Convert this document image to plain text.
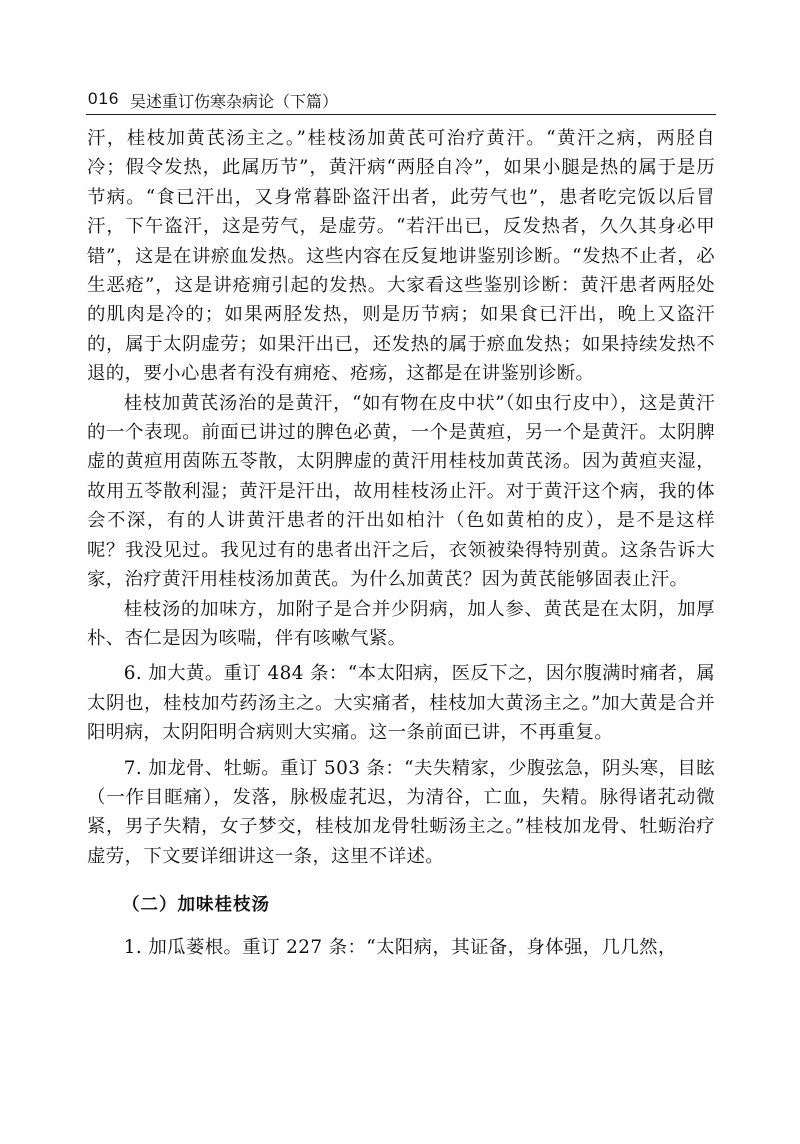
016 吴述重订伤寒杂病论（下篇）

汗，桂枝加黄芪汤主之。”桂枝汤加黄芪可治疗黄汗。“黄汗之病，两胫自冷；假令发热，此属历节”，黄汗病“两胫自冷”，如果小腿是热的属于是历节病。“食已汗出，又身常暮卧盗汗出者，此劳气也”，患者吃完饭以后冒汗，下午盗汗，这是劳气，是虚劳。“若汗出已，反发热者，久久其身必甲错”，这是在讲瘀血发热。这些内容在反复地讲鉴别诊断。“发热不止者，必生恶疮”，这是讲疮痈引起的发热。大家看这些鉴别诊断：黄汗患者两胫处的肌肉是冷的；如果两胫发热，则是历节病；如果食已汗出，晚上又盗汗的，属于太阴虚劳；如果汗出已，还发热的属于瘀血发热；如果持续发热不退的，要小心患者有没有痈疮、疮疡，这都是在讲鉴别诊断。

桂枝加黄芪汤治的是黄汗，“如有物在皮中状”（如虫行皮中），这是黄汗的一个表现。前面已讲过的脾色必黄，一个是黄疸，另一个是黄汗。太阴脾虚的黄疸用茵陈五苓散，太阴脾虚的黄汗用桂枝加黄芪汤。因为黄疸夹湿，故用五苓散利湿；黄汗是汗出，故用桂枝汤止汗。对于黄汗这个病，我的体会不深，有的人讲黄汗患者的汗出如柏汁（色如黄柏的皮），是不是这样呢？我没见过。我见过有的患者出汗之后，衣领被染得特别黄。这条告诉大家，治疗黄汗用桂枝汤加黄芪。为什么加黄芪？因为黄芪能够固表止汗。

桂枝汤的加味方，加附子是合并少阴病，加人参、黄芪是在太阴，加厚朴、杏仁是因为咳喘，伴有咳嗽气紧。

6. 加大黄。重订 484 条：“本太阳病，医反下之，因尔腹满时痛者，属太阴也，桂枝加芍药汤主之。大实痛者，桂枝加大黄汤主之。”加大黄是合并阳明病，太阴阳明合病则大实痛。这一条前面已讲，不再重复。

7. 加龙骨、牡蛎。重订 503 条：“夫失精家，少腹弦急，阴头寒，目眩（一作目眶痛），发落，脉极虚芤迟，为清谷，亡血，失精。脉得诸芤动微紧，男子失精，女子梦交，桂枝加龙骨牡蛎汤主之。”桂枝加龙骨、牡蛎治疗虚劳，下文要详细讲这一条，这里不详述。

（二）加味桂枝汤

1. 加瓜蒌根。重订 227 条：“太阳病，其证备，身体强，几几然，
